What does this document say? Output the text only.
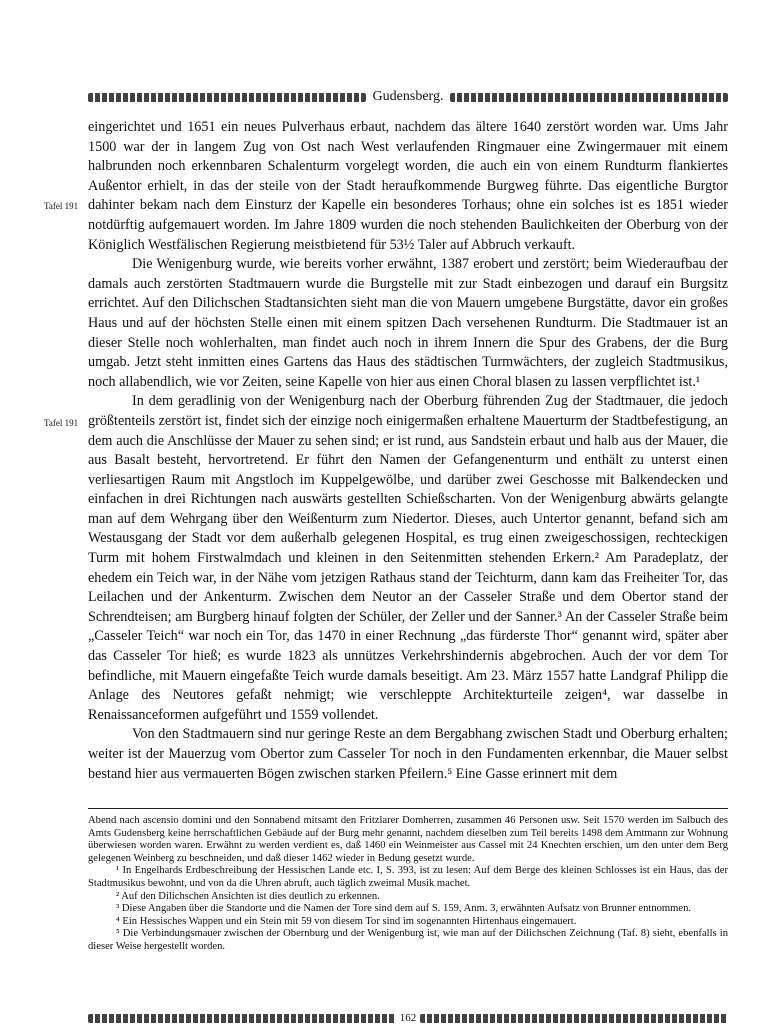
Gudensberg.
Tafel 191
Tafel 191

eingerichtet und 1651 ein neues Pulverhaus erbaut, nachdem das ältere 1640 zerstört worden war. Ums Jahr 1500 war der in langem Zug von Ost nach West verlaufenden Ringmauer eine Zwingermauer mit einem halbrunden noch erkennbaren Schalenturm vorgelegt worden, die auch ein von einem Rundturm flankiertes Außentor erhielt, in das der steile von der Stadt heraufkommende Burgweg führte. Das eigentliche Burgtor dahinter bekam nach dem Einsturz der Kapelle ein besonderes Torhaus; ohne ein solches ist es 1851 wieder notdürftig aufgemauert worden. Im Jahre 1809 wurden die noch stehenden Baulichkeiten der Oberburg von der Königlich Westfälischen Regierung meistbietend für 53½ Taler auf Abbruch verkauft.

Die Wenigenburg wurde, wie bereits vorher erwähnt, 1387 erobert und zerstört; beim Wiederaufbau der damals auch zerstörten Stadtmauern wurde die Burgstelle mit zur Stadt einbezogen und darauf ein Burgsitz errichtet. Auf den Dilichschen Stadtansichten sieht man die von Mauern umgebene Burgstätte, davor ein großes Haus und auf der höchsten Stelle einen mit einem spitzen Dach versehenen Rundturm. Die Stadtmauer ist an dieser Stelle noch wohlerhalten, man findet auch noch in ihrem Innern die Spur des Grabens, der die Burg umgab. Jetzt steht inmitten eines Gartens das Haus des städtischen Turmwächters, der zugleich Stadtmusikus, noch allabendlich, wie vor Zeiten, seine Kapelle von hier aus einen Choral blasen zu lassen verpflichtet ist.¹

In dem geradlinig von der Wenigenburg nach der Oberburg führenden Zug der Stadtmauer, die jedoch größtenteils zerstört ist, findet sich der einzige noch einigermaßen erhaltene Mauerturm der Stadtbefestigung, an dem auch die Anschlüsse der Mauer zu sehen sind; er ist rund, aus Sandstein erbaut und halb aus der Mauer, die aus Basalt besteht, hervortretend. Er führt den Namen der Gefangenenturm und enthält zu unterst einen verliesartigen Raum mit Angstloch im Kuppelgewölbe, und darüber zwei Geschosse mit Balkendecken und einfachen in drei Richtungen nach auswärts gestellten Schießscharten. Von der Wenigenburg abwärts gelangte man auf dem Wehrgang über den Weißenturm zum Niedertor. Dieses, auch Untertor genannt, befand sich am Westausgang der Stadt vor dem außerhalb gelegenen Hospital, es trug einen zweigeschossigen, rechteckigen Turm mit hohem Firstwalmdach und kleinen in den Seitenmitten stehenden Erkern.² Am Paradeplatz, der ehedem ein Teich war, in der Nähe vom jetzigen Rathaus stand der Teichturm, dann kam das Freiheiter Tor, das Leilachen und der Ankenturm. Zwischen dem Neutor an der Casseler Straße und dem Obertor stand der Schrendteisen; am Burgberg hinauf folgten der Schüler, der Zeller und der Sanner.³ An der Casseler Straße beim „Casseler Teich“ war noch ein Tor, das 1470 in einer Rechnung „das fürderste Thor“ genannt wird, später aber das Casseler Tor hieß; es wurde 1823 als unnützes Verkehrshindernis abgebrochen. Auch der vor dem Tor befindliche, mit Mauern eingefaßte Teich wurde damals beseitigt. Am 23. März 1557 hatte Landgraf Philipp die Anlage des Neutores gefaßt nehmigt; wie verschleppte Architekturteile zeigen⁴, war dasselbe in Renaissanceformen aufgeführt und 1559 vollendet.

Von den Stadtmauern sind nur geringe Reste an dem Bergabhang zwischen Stadt und Oberburg erhalten; weiter ist der Mauerzug vom Obertor zum Casseler Tor noch in den Fundamenten erkennbar, die Mauer selbst bestand hier aus vermauerten Bögen zwischen starken Pfeilern.⁵ Eine Gasse erinnert mit dem

Abend nach ascensio domini und den Sonnabend mitsamt den Fritzlarer Domherren, zusammen 46 Personen usw. Seit 1570 werden im Salbuch des Amts Gudensberg keine herrschaftlichen Gebäude auf der Burg mehr genannt, nachdem dieselben zum Teil bereits 1498 dem Amtmann zur Wohnung überwiesen worden waren. Erwähnt zu werden verdient es, daß 1460 ein Weinmeister aus Cassel mit 24 Knechten erschien, um den unter dem Berg gelegenen Weinberg zu beschneiden, und daß dieser 1462 wieder in Bedung gesetzt wurde.

¹ In Engelhards Erdbeschreibung der Hessischen Lande etc. I, S. 393, ist zu lesen: Auf dem Berge des kleinen Schlosses ist ein Haus, das der Stadtmusikus bewohnt, und von da die Uhren abruft, auch täglich zweimal Musik machet.

² Auf den Dilichschen Ansichten ist dies deutlich zu erkennen.

³ Diese Angaben über die Standorte und die Namen der Tore sind dem auf S. 159, Anm. 3, erwähnten Aufsatz von Brunner entnommen.

⁴ Ein Hessisches Wappen und ein Stein mit 59 von diesem Tor sind im sogenannten Hirtenhaus eingemauert.

⁵ Die Verbindungsmauer zwischen der Obernburg und der Wenigenburg ist, wie man auf der Dilichschen Zeichnung (Taf. 8) sieht, ebenfalls in dieser Weise hergestellt worden.

162
